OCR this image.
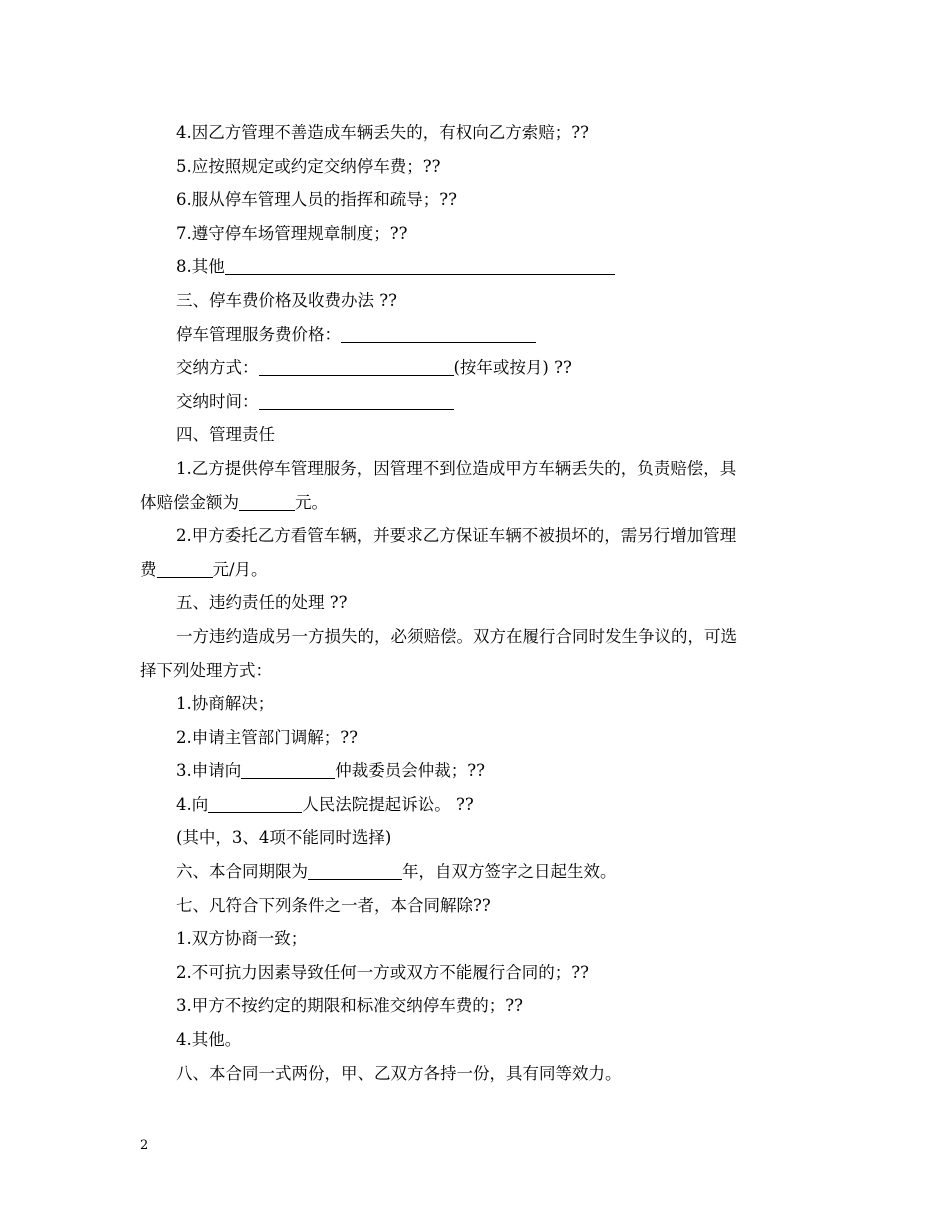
4.因乙方管理不善造成车辆丢失的，有权向乙方索赔；??
5.应按照规定或约定交纳停车费；??
6.服从停车管理人员的指挥和疏导；??
7.遵守停车场管理规章制度；??
8.其他
三、停车费价格及收费办法 ??
停车管理服务费价格：
交纳方式：	(按年或按月) ??
交纳时间：
四、管理责任
1.乙方提供停车管理服务，因管理不到位造成甲方车辆丢失的，负责赔偿，具
体赔偿金额为	元。
2.甲方委托乙方看管车辆，并要求乙方保证车辆不被损坏的，需另行增加管理
费	元/月。
五、违约责任的处理 ??
一方违约造成另一方损失的，必须赔偿。双方在履行合同时发生争议的，可选
择下列处理方式：
1.协商解决；
2.申请主管部门调解；??
3.申请向	仲裁委员会仲裁；??
4.向	人民法院提起诉讼。 ??
(其中，3、4项不能同时选择)
六、本合同期限为	年，自双方签字之日起生效。
七、凡符合下列条件之一者，本合同解除??
1.双方协商一致；
2.不可抗力因素导致任何一方或双方不能履行合同的；??
3.甲方不按约定的期限和标准交纳停车费的；??
4.其他。
八、本合同一式两份，甲、乙双方各持一份，具有同等效力。
2
